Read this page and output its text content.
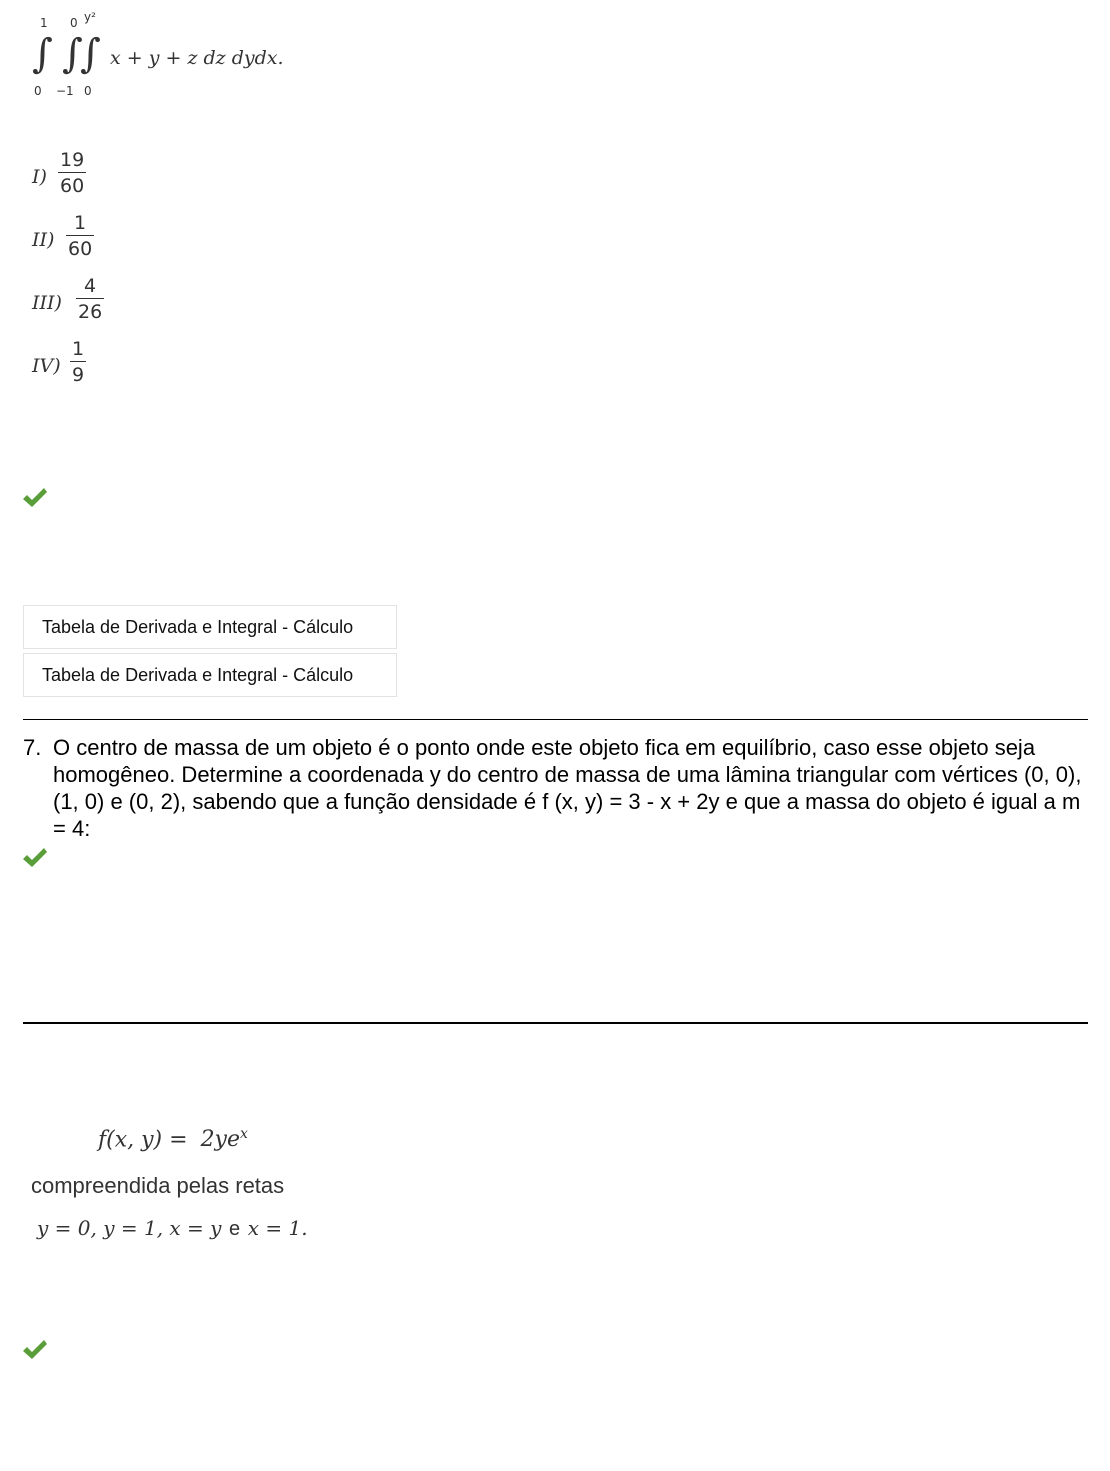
1
∫
0
0
∫
−1
y²
∫
0
x + y + z dz dydx.
$I) \frac{19}{60}$
$II) \frac{1}{60}$
$III) \frac{4}{26}$
$IV) \frac{1}{9}$
Tabela de Derivada e Integral - Cálculo
Tabela de Derivada e Integral - Cálculo
7. O centro de massa de um objeto é o ponto onde este objeto fica em equilíbrio, caso esse objeto seja homogêneo. Determine a coordenada y do centro de massa de uma lâmina triangular com vértices (0, 0), (1, 0) e (0, 2), sabendo que a função densidade é f (x, y) = 3 - x + 2y e que a massa do objeto é igual a m = 4:
f(x, $y) = 2ye^x$
compreendida pelas retas
y = 0, y = 1, x = y e x = 1.
